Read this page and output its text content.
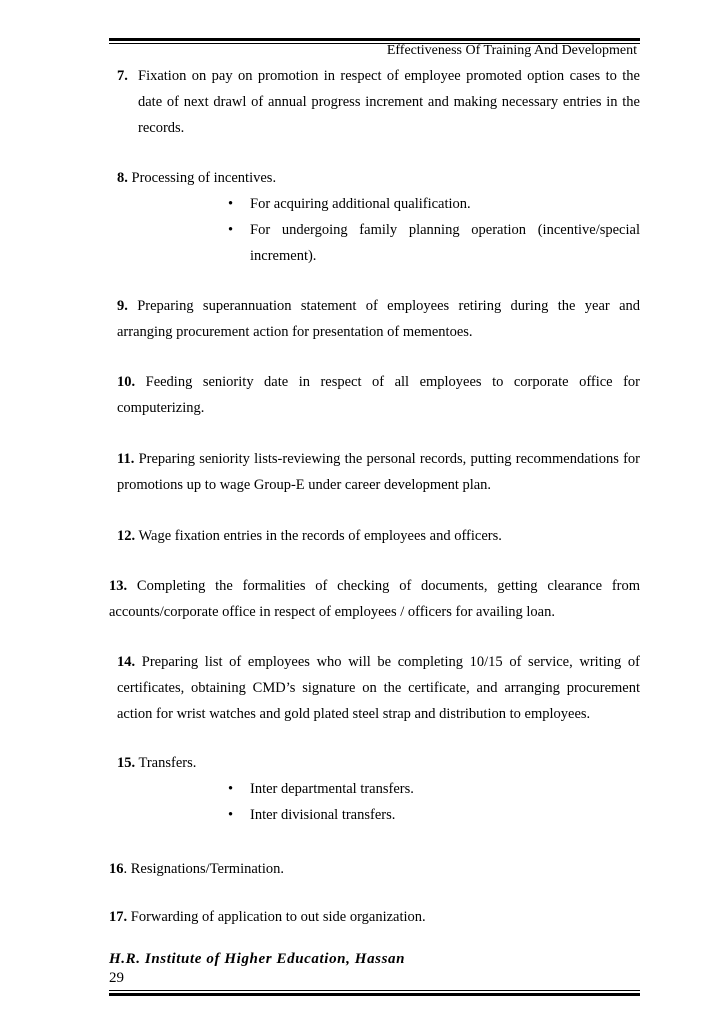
Effectiveness Of Training And Development
7. Fixation on pay on promotion in respect of employee promoted option cases to the date of next drawl of annual progress increment and making necessary entries in the records.

8. Processing of incentives.

•	For acquiring additional qualification.

•	For undergoing family planning operation (incentive/special increment).

9. Preparing superannuation statement of employees retiring during the year and arranging procurement action for presentation of mementoes.

10. Feeding seniority date in respect of all employees to corporate office for computerizing.

11. Preparing seniority lists-reviewing the personal records, putting recommendations for promotions up to wage Group-E under career development plan.

12. Wage fixation entries in the records of employees and officers.

13. Completing the formalities of checking of documents, getting clearance from accounts/corporate office in respect of employees / officers for availing loan.

14. Preparing list of employees who will be completing 10/15 of service, writing of certificates, obtaining CMD’s signature on the certificate, and arranging procurement action for wrist watches and gold plated steel strap and distribution to employees.

15. Transfers.

•	Inter departmental transfers.

•	Inter divisional transfers.

16. Resignations/Termination.

17. Forwarding of application to out side organization.

H.R. Institute of Higher Education, Hassan
29
